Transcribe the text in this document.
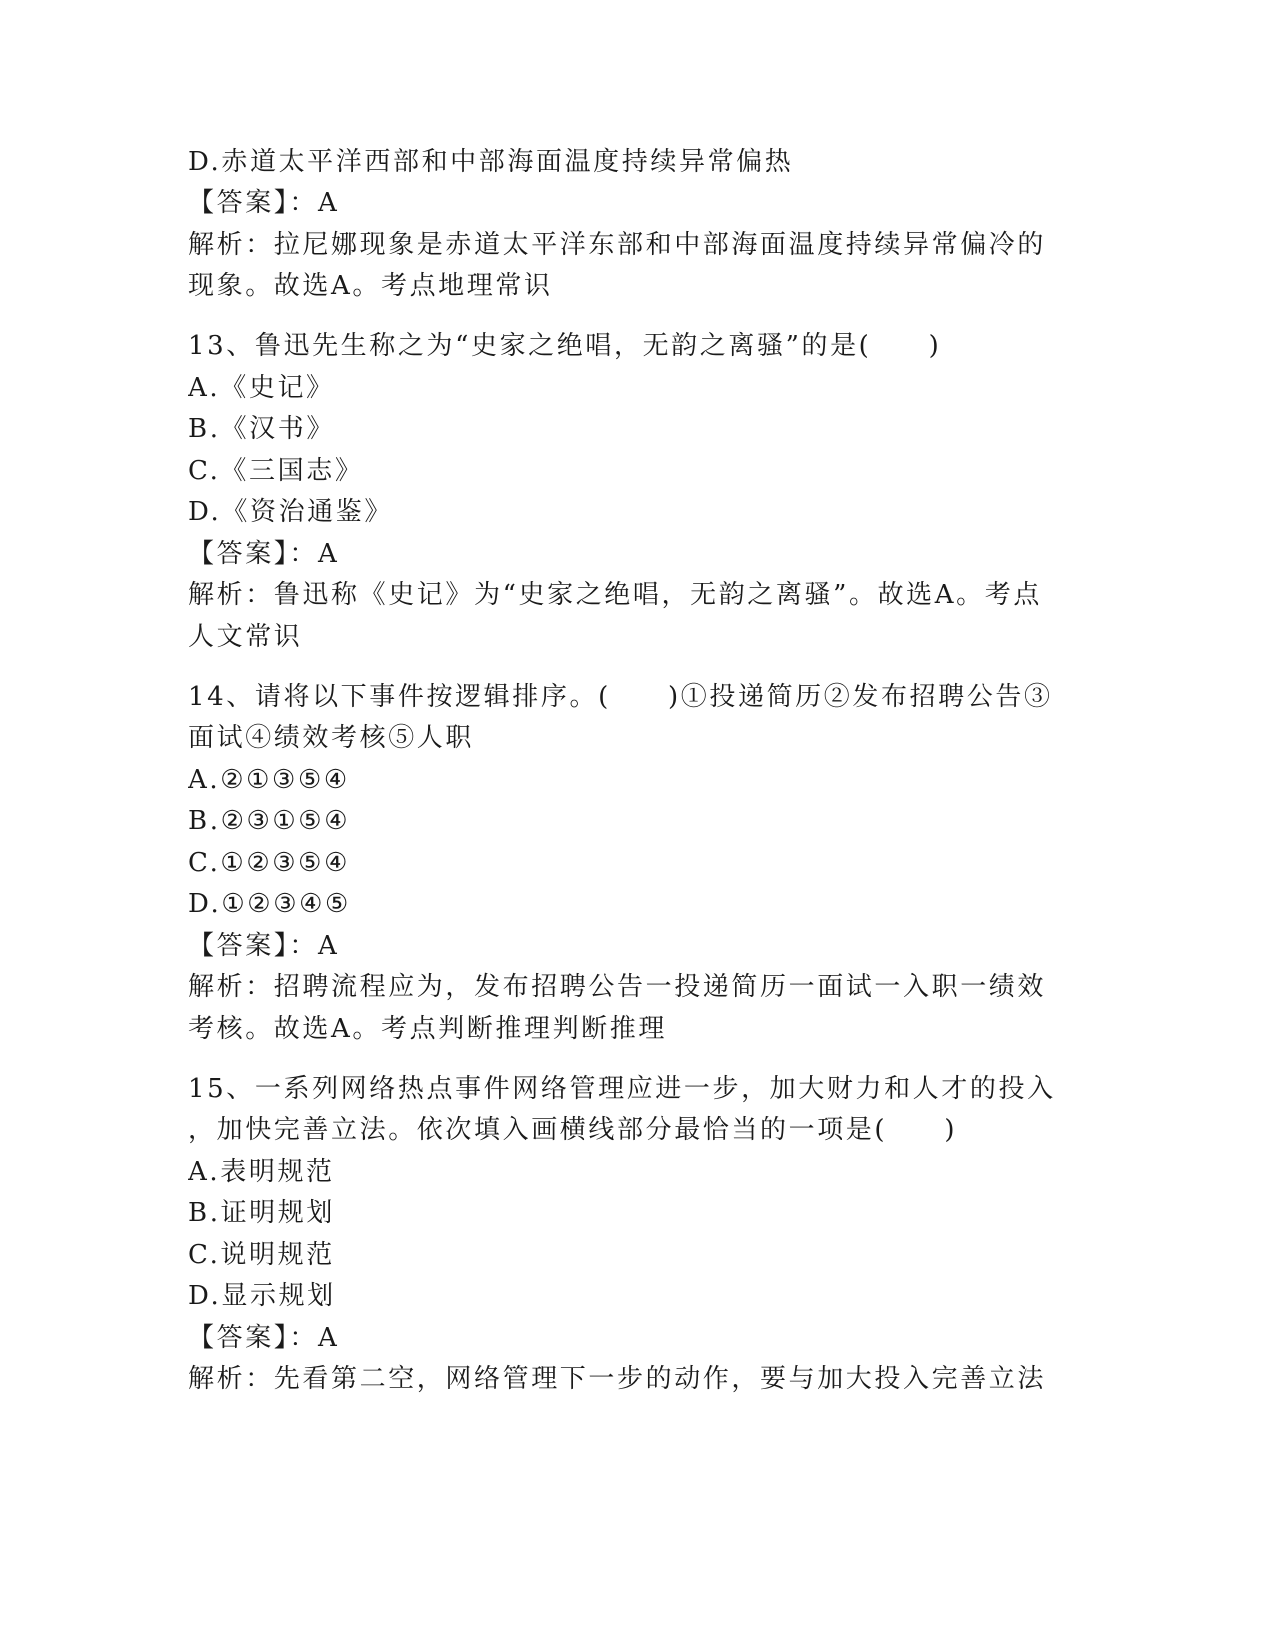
D.赤道太平洋西部和中部海面温度持续异常偏热
【答案】：A
解析：拉尼娜现象是赤道太平洋东部和中部海面温度持续异常偏冷的
现象。故选A。考点地理常识
13、鲁迅先生称之为“史家之绝唱，无韵之离骚”的是(　　)
A.《史记》
B.《汉书》
C.《三国志》
D.《资治通鉴》
【答案】：A
解析：鲁迅称《史记》为“史家之绝唱，无韵之离骚”。故选A。考点
人文常识
14、请将以下事件按逻辑排序。(　　)①投递简历②发布招聘公告③
面试④绩效考核⑤人职
A.②①③⑤④
B.②③①⑤④
C.①②③⑤④
D.①②③④⑤
【答案】：A
解析：招聘流程应为，发布招聘公告一投递简历一面试一入职一绩效
考核。故选A。考点判断推理判断推理
15、一系列网络热点事件网络管理应进一步，加大财力和人才的投入
，加快完善立法。依次填入画横线部分最恰当的一项是(　　)
A.表明规范
B.证明规划
C.说明规范
D.显示规划
【答案】：A
解析：先看第二空，网络管理下一步的动作，要与加大投入完善立法
